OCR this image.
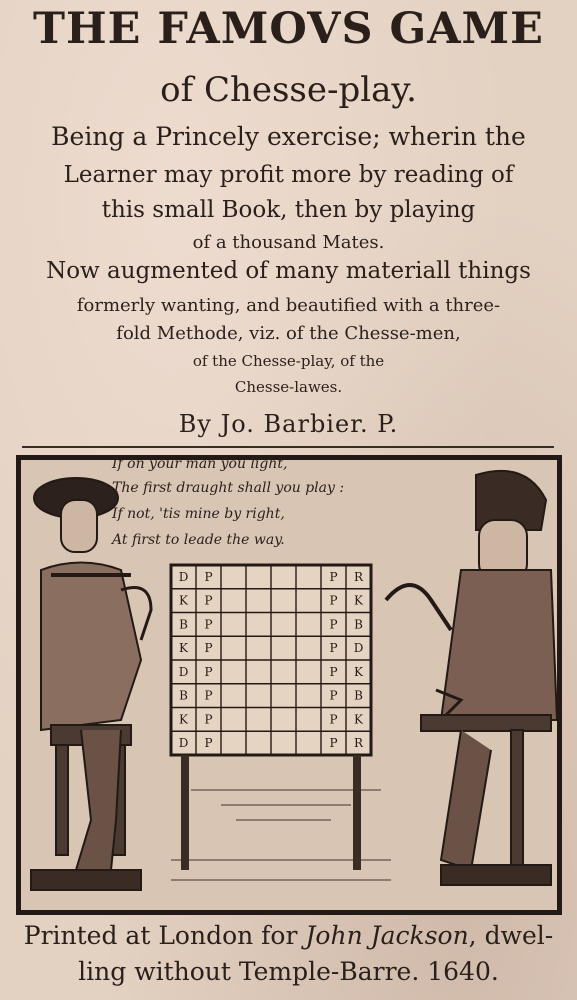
THE FAMOVS GAME
of Chesse-play.
Being a Princely exercise; wherin the
Learner may profit more by reading of
this small Book, then by playing
of a thousand Mates.
Now augmented of many materiall things
formerly wanting, and beautified with a three-
fold Methode, viz. of the Chesse-men,
of the Chesse-play, of the
Chesse-lawes.
By Jo. Barbier. P.
D P	P R
K P	P K
B P	P B
K P	P D
D P	P K
B P	P B
K P	P K
D P	P R
If on your man you light,
The first draught shall you play :
If not, 'tis mine by right,
At first to leade the way.
Printed at London for John Jackson, dwel-
ling without Temple-Barre. 1640.
